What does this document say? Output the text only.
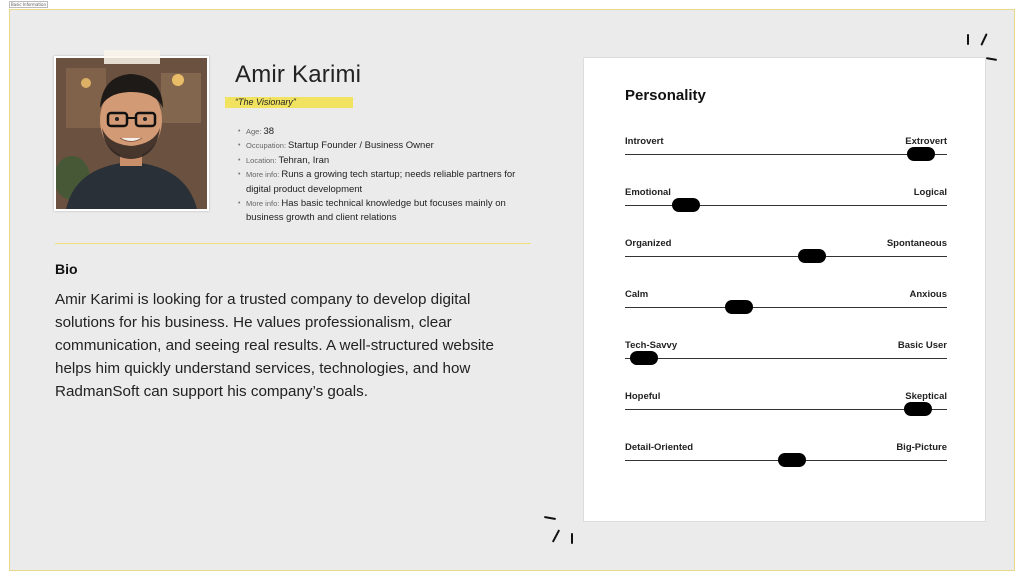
Basic Information
Amir Karimi
“The Visionary”
• Age: 38
• Occupation: Startup Founder / Business Owner
• Location: Tehran, Iran
• More info: Runs a growing tech startup; needs reliable partners for digital product development
• More info: Has basic technical knowledge but focuses mainly on business growth and client relations
Bio

Amir Karimi is looking for a trusted company to develop digital solutions for his business. He values professionalism, clear communication, and seeing real results. A well-structured website helps him quickly understand services, technologies, and how RadmanSoft can support his company’s goals.

Personality
Introvert	Extrovert
Emotional	Logical
Organized	Spontaneous
Calm	Anxious
Tech-Savvy	Basic User
Hopeful	Skeptical
Detail-Oriented	Big-Picture
